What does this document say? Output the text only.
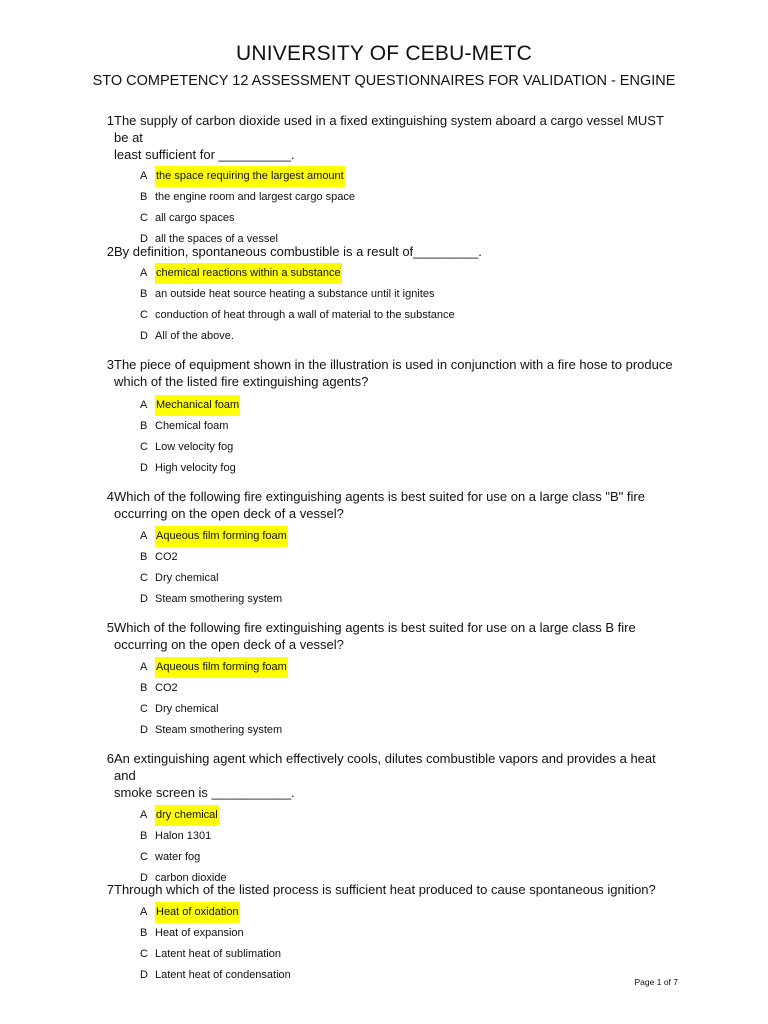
UNIVERSITY OF CEBU-METC
STO COMPETENCY 12 ASSESSMENT QUESTIONNAIRES FOR VALIDATION - ENGINE
1 The supply of carbon dioxide used in a fixed extinguishing system aboard a cargo vessel MUST be at
least sufficient for __________.
A the space requiring the largest amount
B the engine room and largest cargo space
C all cargo spaces
D all the spaces of a vessel
2 By definition, spontaneous combustible is a result of_________.
A chemical reactions within a substance
B an outside heat source heating a substance until it ignites
C conduction of heat through a wall of material to the substance
D All of the above.
3 The piece of equipment shown in the illustration is used in conjunction with a fire hose to produce
which of the listed fire extinguishing agents?
A Mechanical foam
B Chemical foam
C Low velocity fog
D High velocity fog
4 Which of the following fire extinguishing agents is best suited for use on a large class "B" fire
occurring on the open deck of a vessel?
A Aqueous film forming foam
B CO2
C Dry chemical
D Steam smothering system
5 Which of the following fire extinguishing agents is best suited for use on a large class B fire
occurring on the open deck of a vessel?
A Aqueous film forming foam
B CO2
C Dry chemical
D Steam smothering system
6 An extinguishing agent which effectively cools, dilutes combustible vapors and provides a heat and
smoke screen is ___________.
A dry chemical
B Halon 1301
C water fog
D carbon dioxide
7 Through which of the listed process is sufficient heat produced to cause spontaneous ignition?
A Heat of oxidation
B Heat of expansion
C Latent heat of sublimation
D Latent heat of condensation
Page 1 of 7
